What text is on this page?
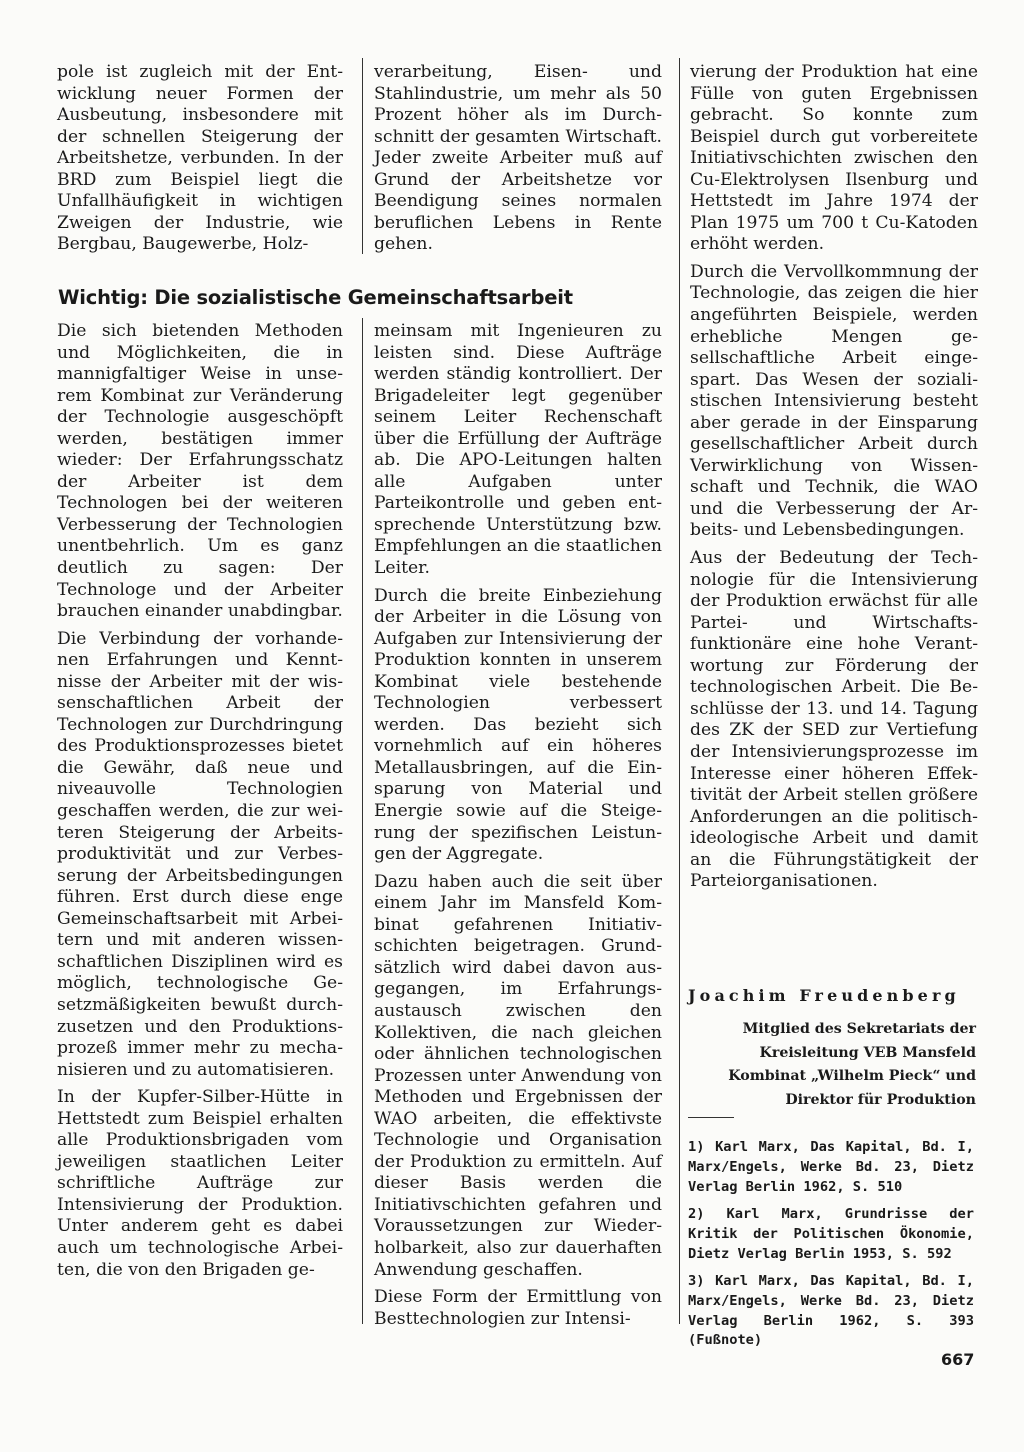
pole ist zugleich mit der Entwicklung neuer Formen der Ausbeutung, insbesondere mit der schnellen Steigerung der Arbeitshetze, verbunden. In der BRD zum Beispiel liegt die Unfallhäufigkeit in wichtigen Zweigen der Industrie, wie Bergbau, Baugewerbe, Holz-

verarbeitung, Eisen- und Stahlindustrie, um mehr als 50 Prozent höher als im Durchschnitt der gesamten Wirtschaft. Jeder zweite Arbeiter muß auf Grund der Arbeitshetze vor Beendigung seines normalen beruflichen Lebens in Rente gehen.

Wichtig: Die sozialistische Gemeinschaftsarbeit

Die sich bietenden Methoden und Möglichkeiten, die in mannigfaltiger Weise in unserem Kombinat zur Veränderung der Technologie ausgeschöpft werden, bestätigen immer wieder: Der Erfahrungsschatz der Arbeiter ist dem Technologen bei der weiteren Verbesserung der Technologien unentbehrlich. Um es ganz deutlich zu sagen: Der Technologe und der Arbeiter brauchen einander unabdingbar.

Die Verbindung der vorhandenen Erfahrungen und Kenntnisse der Arbeiter mit der wissenschaftlichen Arbeit der Technologen zur Durchdringung des Produktionsprozesses bietet die Gewähr, daß neue und niveauvolle Technologien geschaffen werden, die zur weiteren Steigerung der Arbeitsproduktivität und zur Verbesserung der Arbeitsbedingungen führen. Erst durch diese enge Gemeinschaftsarbeit mit Arbeitern und mit anderen wissenschaftlichen Disziplinen wird es möglich, technologische Gesetzmäßigkeiten bewußt durchzusetzen und den Produktionsprozeß immer mehr zu mechanisieren und zu automatisieren.

In der Kupfer-Silber-Hütte in Hettstedt zum Beispiel erhalten alle Produktionsbrigaden vom jeweiligen staatlichen Leiter schriftliche Aufträge zur Intensivierung der Produktion. Unter anderem geht es dabei auch um technologische Arbeiten, die von den Brigaden ge-

meinsam mit Ingenieuren zu leisten sind. Diese Aufträge werden ständig kontrolliert. Der Brigadeleiter legt gegenüber seinem Leiter Rechenschaft über die Erfüllung der Aufträge ab. Die APO-Leitungen halten alle Aufgaben unter Parteikontrolle und geben entsprechende Unterstützung bzw. Empfehlungen an die staatlichen Leiter.

Durch die breite Einbeziehung der Arbeiter in die Lösung von Aufgaben zur Intensivierung der Produktion konnten in unserem Kombinat viele bestehende Technologien verbessert werden. Das bezieht sich vornehmlich auf ein höheres Metallausbringen, auf die Einsparung von Material und Energie sowie auf die Steigerung der spezifischen Leistungen der Aggregate.

Dazu haben auch die seit über einem Jahr im Mansfeld Kombinat gefahrenen Initiativschichten beigetragen. Grundsätzlich wird dabei davon ausgegangen, im Erfahrungsaustausch zwischen den Kollektiven, die nach gleichen oder ähnlichen technologischen Prozessen unter Anwendung von Methoden und Ergebnissen der WAO arbeiten, die effektivste Technologie und Organisation der Produktion zu ermitteln. Auf dieser Basis werden die Initiativschichten gefahren und Voraussetzungen zur Wiederholbarkeit, also zur dauerhaften Anwendung geschaffen.

Diese Form der Ermittlung von Besttechnologien zur Intensi-

vierung der Produktion hat eine Fülle von guten Ergebnissen gebracht. So konnte zum Beispiel durch gut vorbereitete Initiativschichten zwischen den Cu-Elektrolysen Ilsenburg und Hettstedt im Jahre 1974 der Plan 1975 um 700 t Cu-Katoden erhöht werden.

Durch die Vervollkommnung der Technologie, das zeigen die hier angeführten Beispiele, werden erhebliche Mengen gesellschaftliche Arbeit eingespart. Das Wesen der sozialistischen Intensivierung besteht aber gerade in der Einsparung gesellschaftlicher Arbeit durch Verwirklichung von Wissenschaft und Technik, die WAO und die Verbesserung der Arbeits- und Lebensbedingungen.

Aus der Bedeutung der Technologie für die Intensivierung der Produktion erwächst für alle Partei- und Wirtschaftsfunktionäre eine hohe Verantwortung zur Förderung der technologischen Arbeit. Die Beschlüsse der 13. und 14. Tagung des ZK der SED zur Vertiefung der Intensivierungsprozesse im Interesse einer höheren Effektivität der Arbeit stellen größere Anforderungen an die politisch-ideologische Arbeit und damit an die Führungstätigkeit der Parteiorganisationen.

Joachim Freudenberg
Mitglied des Sekretariats der Kreisleitung VEB Mansfeld Kombinat „Wilhelm Pieck“ und Direktor für Produktion
1) Karl Marx, Das Kapital, Bd. I, Marx/Engels, Werke Bd. 23, Dietz Verlag Berlin 1962, S. 510
2) Karl Marx, Grundrisse der Kritik der Politischen Ökonomie, Dietz Verlag Berlin 1953, S. 592
3) Karl Marx, Das Kapital, Bd. I, Marx/Engels, Werke Bd. 23, Dietz Verlag Berlin 1962, S. 393 (Fußnote)
667
